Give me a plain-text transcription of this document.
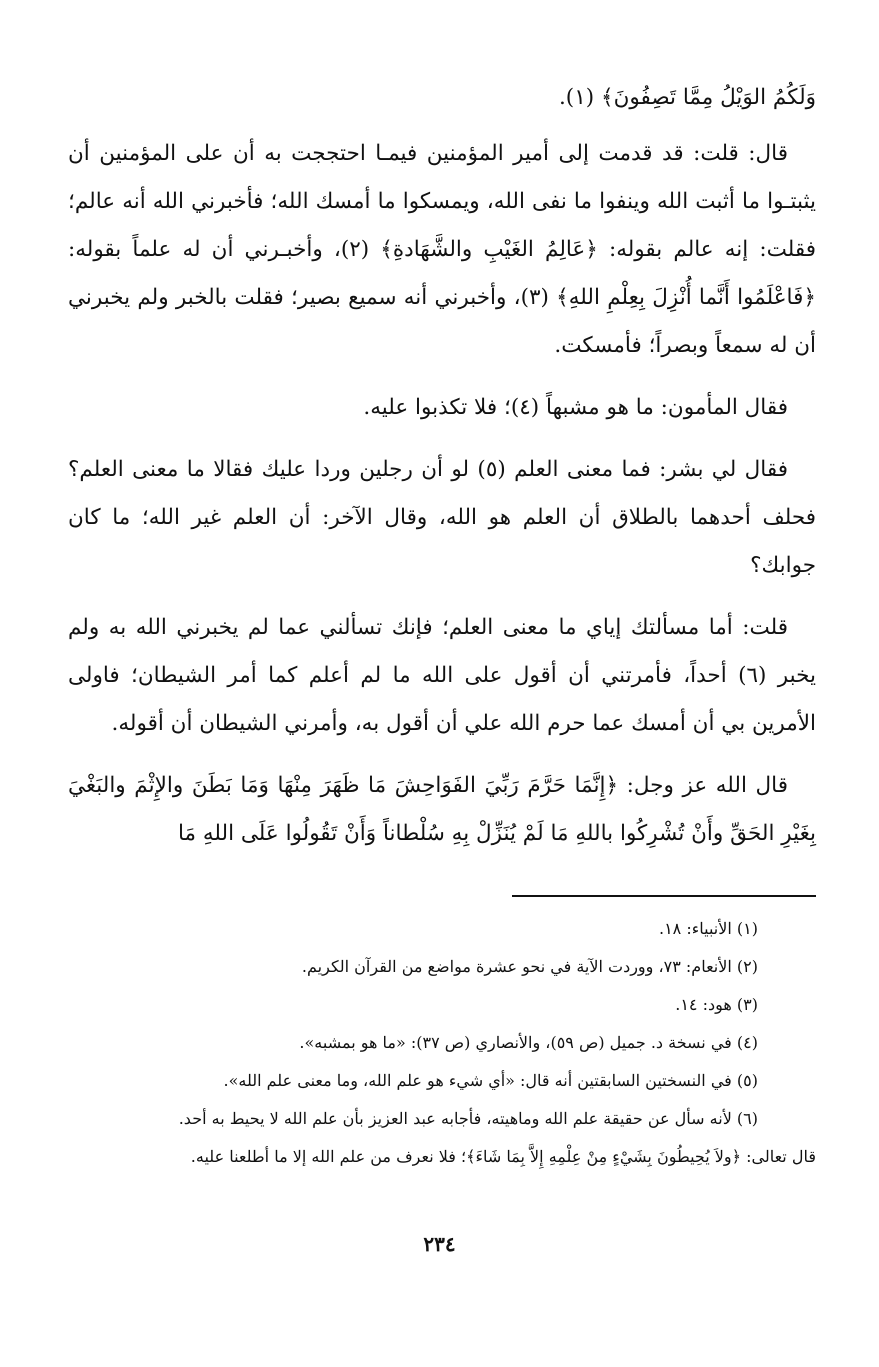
وَلَكُمُ الوَيْلُ مِمَّا تَصِفُونَ﴾ (١).

قال: قلت: قد قدمت إلى أمير المؤمنين فيمـا احتججت به أن على المؤمنين أن يثبتـوا ما أثبت الله وينفوا ما نفى الله، ويمسكوا ما أمسك الله؛ فأخبرني الله أنه عالم؛ فقلت: إنه عالم بقوله: ﴿عَالِمُ الغَيْبِ والشَّهَادةِ﴾ (٢)، وأخبـرني أن له علماً بقوله: ﴿فَاعْلَمُوا أَنَّما أُنْزِلَ بِعِلْمِ اللهِ﴾ (٣)، وأخبرني أنه سميع بصير؛ فقلت بالخبر ولم يخبرني أن له سمعاً وبصراً؛ فأمسكت.

فقال المأمون: ما هو مشبهاً (٤)؛ فلا تكذبوا عليه.

فقال لي بشر: فما معنى العلم (٥) لو أن رجلين وردا عليك فقالا ما معنى العلم؟ فحلف أحدهما بالطلاق أن العلم هو الله، وقال الآخر: أن العلم غير الله؛ ما كان جوابك؟

قلت: أما مسألتك إياي ما معنى العلم؛ فإنك تسألني عما لم يخبرني الله به ولم يخبر (٦) أحداً، فأمرتني أن أقول على الله ما لم أعلم كما أمر الشيطان؛ فاولى الأمرين بي أن أمسك عما حرم الله علي أن أقول به، وأمرني الشيطان أن أقوله.

قال الله عز وجل: ﴿إِنَّمَا حَرَّمَ رَبِّيَ الفَوَاحِشَ مَا ظَهَرَ مِنْهَا وَمَا بَطَنَ والإِثْمَ والبَغْيَ بِغَيْرِ الحَقِّ وأَنْ تُشْرِكُوا باللهِ مَا لَمْ يُنَزِّلْ بِهِ سُلْطاناً وَأَنْ تَقُولُوا عَلَى اللهِ مَا

(١) الأنبياء: ١٨.

(٢) الأنعام: ٧٣، ووردت الآية في نحو عشرة مواضع من القرآن الكريم.

(٣) هود: ١٤.

(٤) في نسخة د. جميل (ص ٥٩)، والأنصاري (ص ٣٧): «ما هو بمشبه».

(٥) في النسختين السابقتين أنه قال: «أي شيء هو علم الله، وما معنى علم الله».

(٦) لأنه سأل عن حقيقة علم الله وماهيته، فأجابه عبد العزيز بأن علم الله لا يحيط به أحد.

قال تعالى: ﴿ولاَ يُحِيطُونَ بِشَيْءٍ مِنْ عِلْمِهِ إِلاَّ بِمَا شَاءَ﴾؛ فلا نعرف من علم الله إلا ما أطلعنا عليه.

٢٣٤
